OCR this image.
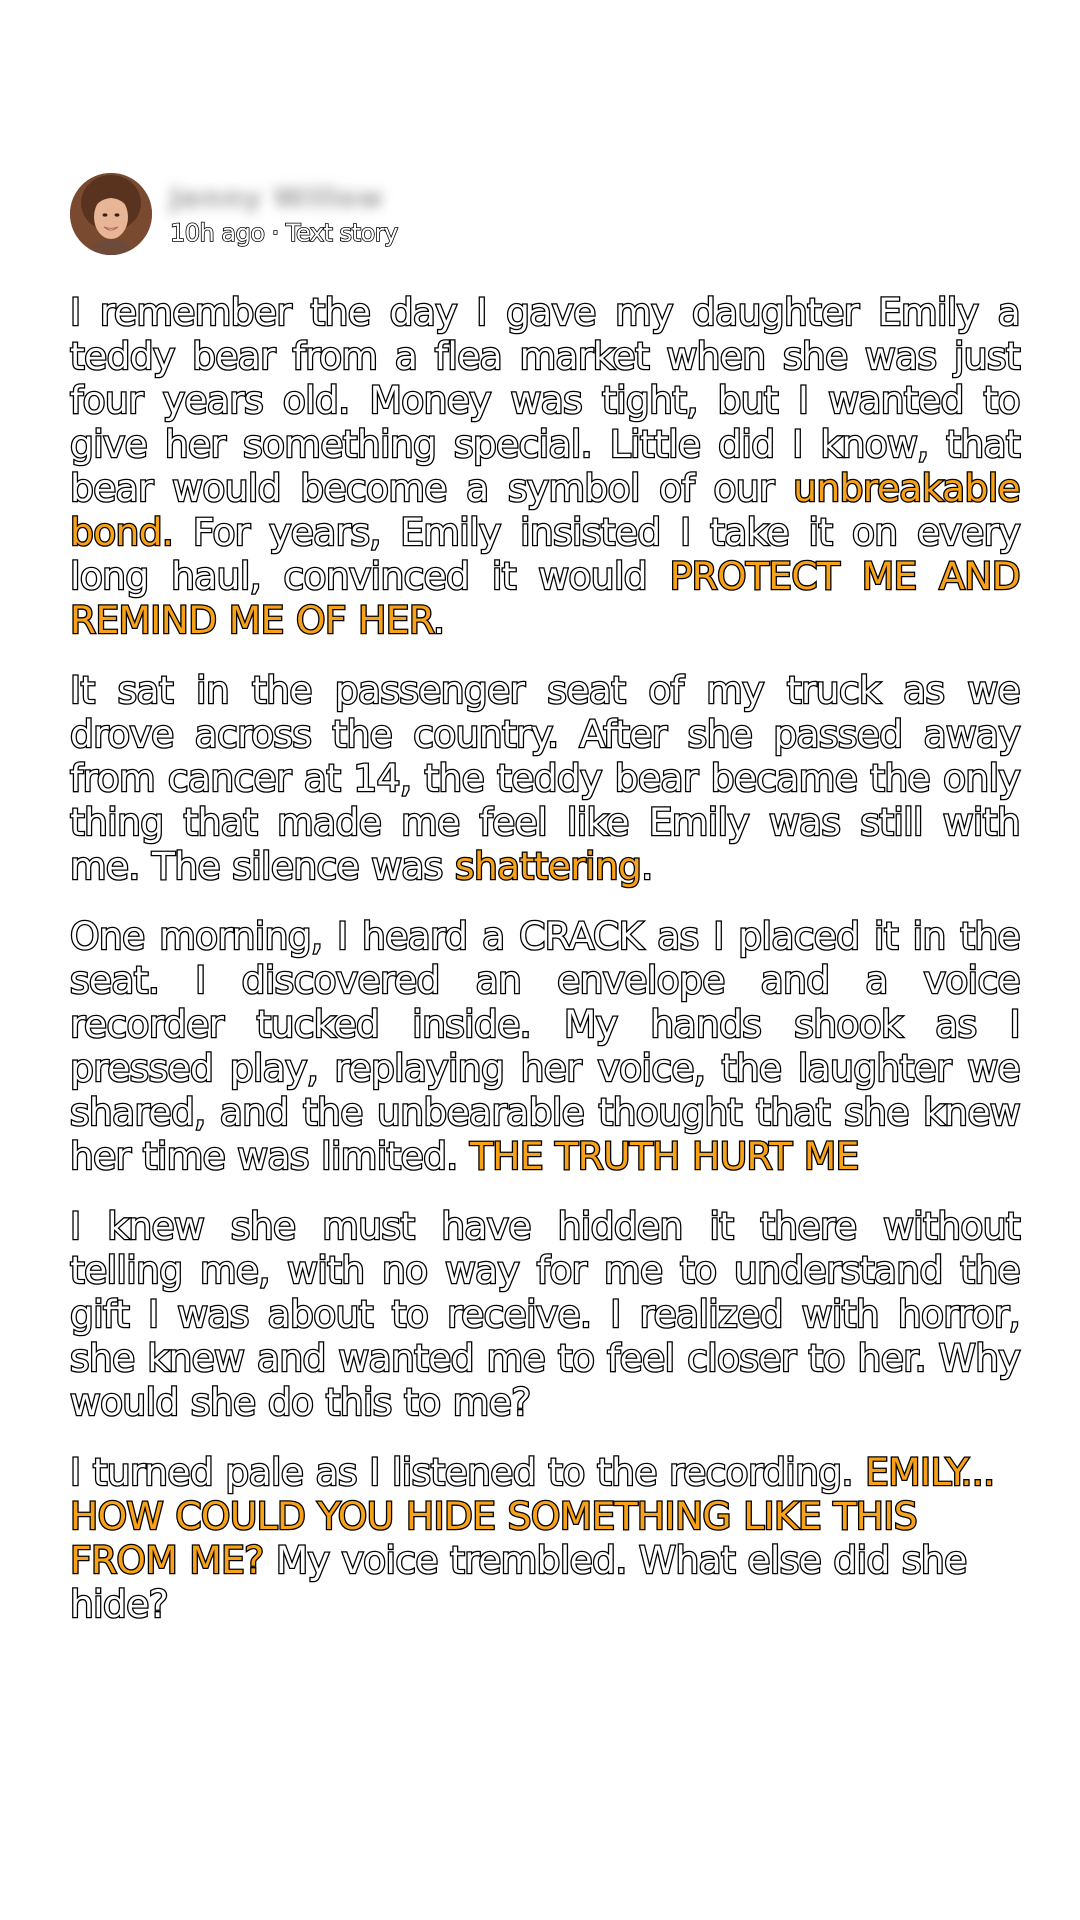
Jenny Willow
10h ago · Text story

I remember the day I gave my daughter Emily a teddy bear from a flea market when she was just four years old. Money was tight, but I wanted to give her something special. Little did I know, that bear would become a symbol of our unbreakable bond. For years, Emily insisted I take it on every long haul, convinced it would PROTECT ME AND REMIND ME OF HER.

It sat in the passenger seat of my truck as we drove across the country. After she passed away from cancer at 14, the teddy bear became the only thing that made me feel like Emily was still with me. The silence was shattering.

One morning, I heard a CRACK as I placed it in the seat. I discovered an envelope and a voice recorder tucked inside. My hands shook as I pressed play, replaying her voice, the laughter we shared, and the unbearable thought that she knew her time was limited. THE TRUTH HURT ME

I knew she must have hidden it there without telling me, with no way for me to understand the gift I was about to receive. I realized with horror, she knew and wanted me to feel closer to her. Why would she do this to me?

I turned pale as I listened to the recording. EMILY... HOW COULD YOU HIDE SOMETHING LIKE THIS FROM ME? My voice trembled. What else did she hide?
